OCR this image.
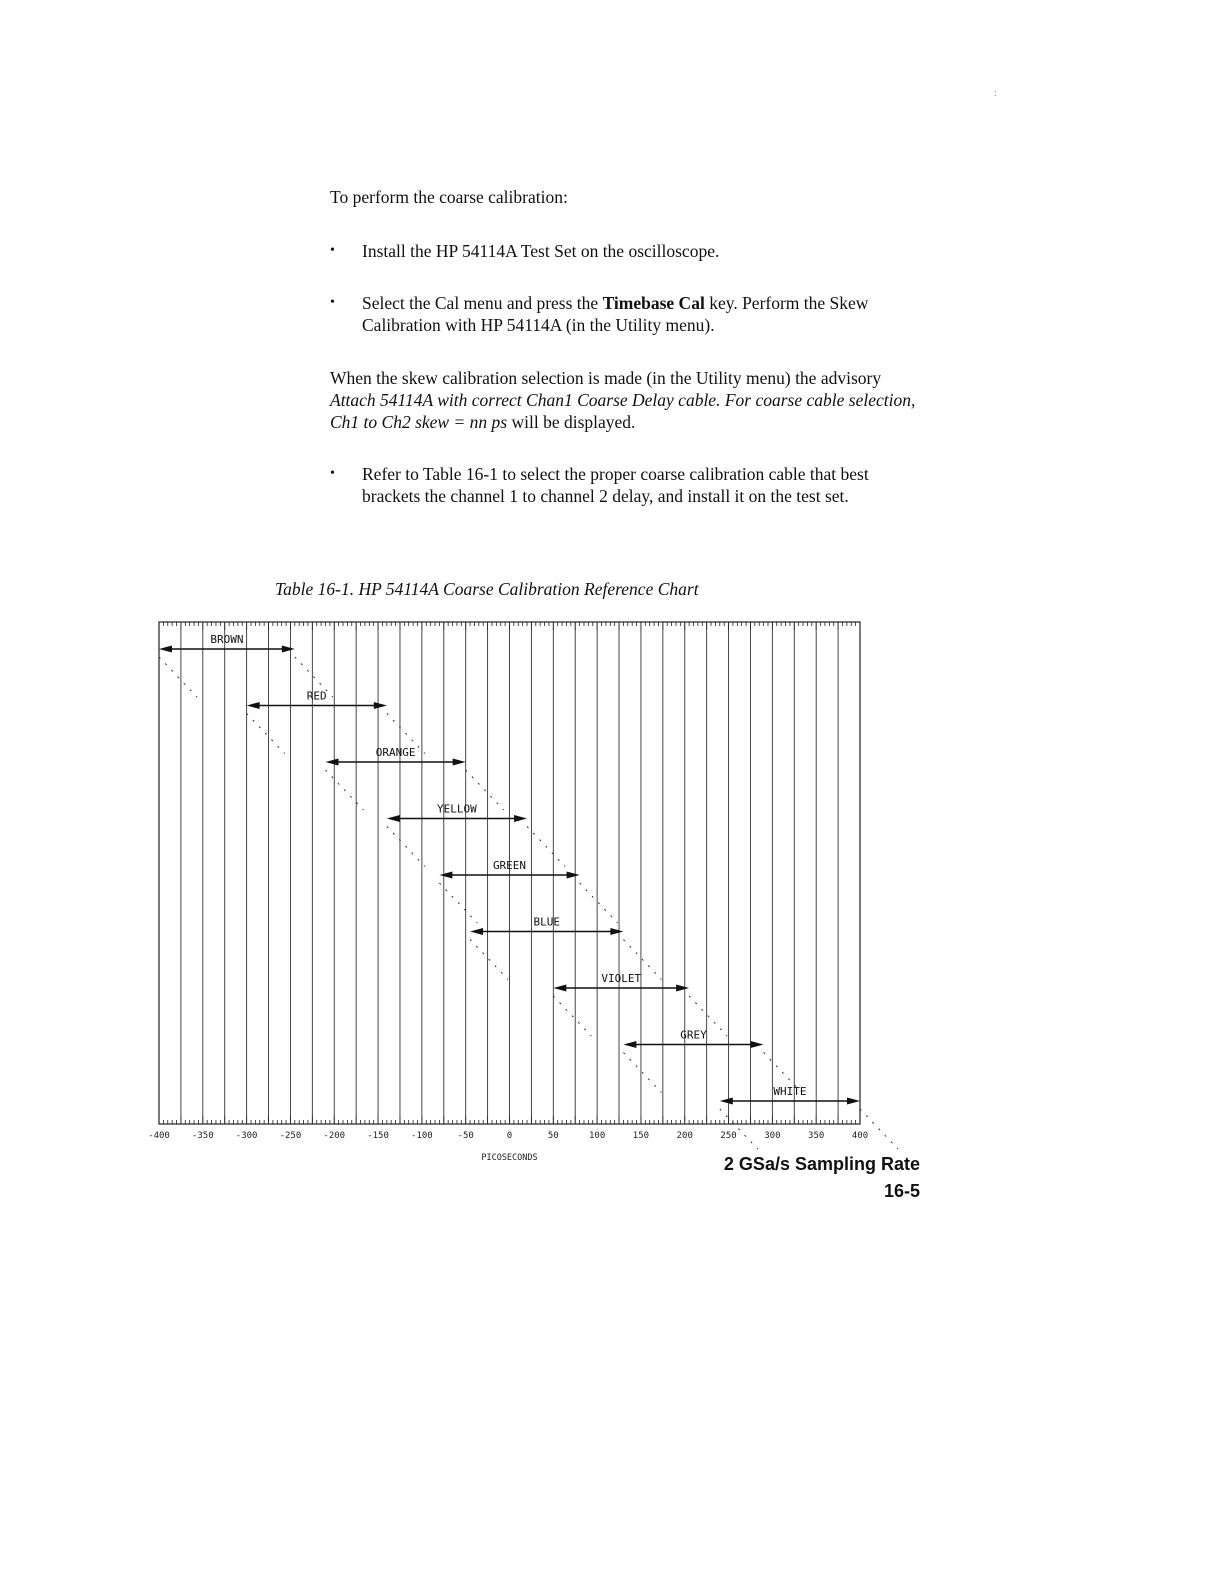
:

To perform the coarse calibration:

• Install the HP 54114A Test Set on the oscilloscope.
• Select the Cal menu and press the Timebase Cal key. Perform the Skew Calibration with HP 54114A (in the Utility menu).

When the skew calibration selection is made (in the Utility menu) the advisory Attach 54114A with correct Chan1 Coarse Delay cable. For coarse cable selection, Ch1 to Ch2 skew = nn ps will be displayed.

• Refer to Table 16-1 to select the proper coarse calibration cable that best brackets the channel 1 to channel 2 delay, and install it on the test set.
Table 16-1. HP 54114A Coarse Calibration Reference Chart
-400 -350 -300 -250 -200 -150 -100	-50	0	50	100	150	200	250	300	350	400
PICOSECONDS
BROWN
RED
ORANGE
YELLOW
GREEN
BLUE
VIOLET
GREY
WHITE
2 GSa/s Sampling Rate
16-5
